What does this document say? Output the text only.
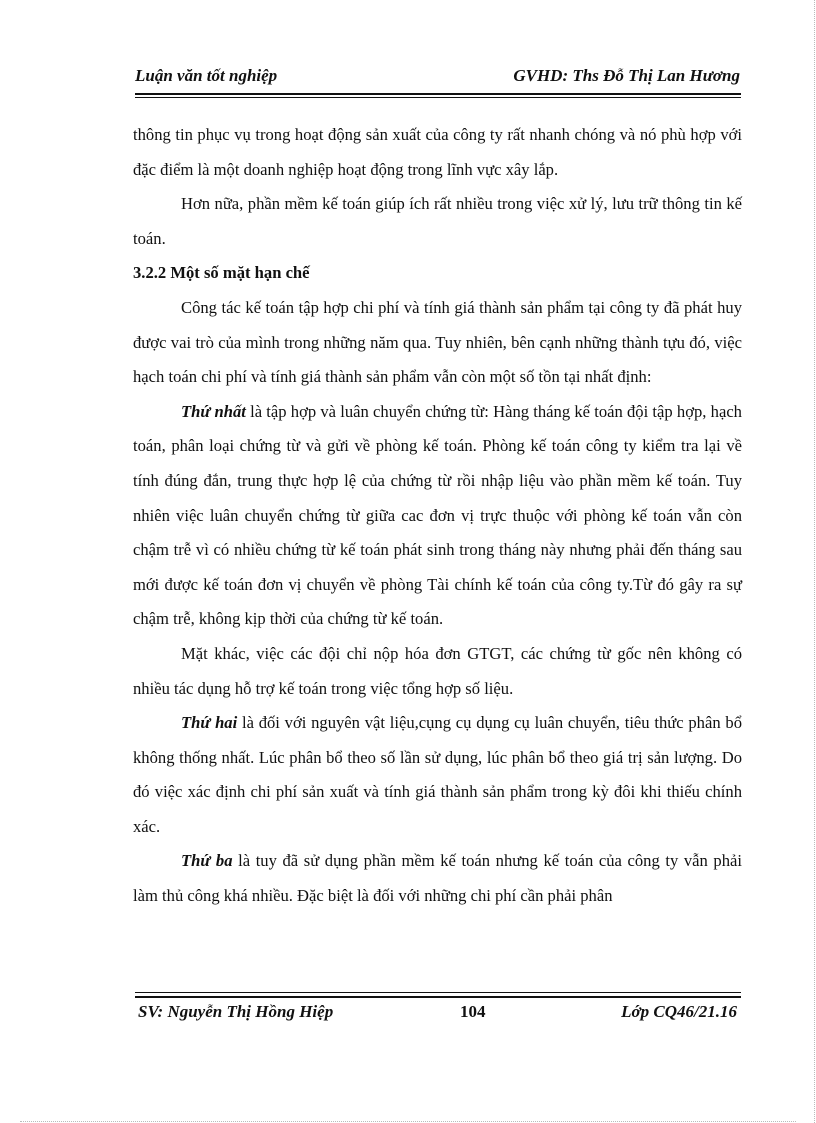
Luận văn tốt nghiệp	GVHD: Ths Đỗ Thị Lan Hương

thông tin phục vụ trong hoạt động sản xuất của công ty rất nhanh chóng và nó phù hợp với đặc điểm là một doanh nghiệp hoạt động trong lĩnh vực xây lắp.

Hơn nữa, phần mềm kế toán giúp ích rất nhiều trong việc xử lý, lưu trữ thông tin kế toán.

3.2.2 Một số mặt hạn chế

Công tác kế toán tập hợp chi phí và tính giá thành sản phẩm tại công ty đã phát huy được vai trò của mình trong những năm qua. Tuy nhiên, bên cạnh những thành tựu đó, việc hạch toán chi phí và tính giá thành sản phẩm vẫn còn một số tồn tại nhất định:

Thứ nhất là tập hợp và luân chuyển chứng từ: Hàng tháng kế toán đội tập hợp, hạch toán, phân loại chứng từ và gửi về phòng kế toán. Phòng kế toán công ty kiểm tra lại về tính đúng đắn, trung thực hợp lệ của chứng từ rồi nhập liệu vào phần mềm kế toán. Tuy nhiên việc luân chuyển chứng từ giữa cac đơn vị trực thuộc với phòng kế toán vẫn còn chậm trễ vì có nhiều chứng từ kế toán phát sinh trong tháng này nhưng phải đến tháng sau mới được kế toán đơn vị chuyển về phòng Tài chính kế toán của công ty.Từ đó gây ra sự chậm trễ, không kịp thời của chứng từ kế toán.

Mặt khác, việc các đội chỉ nộp hóa đơn GTGT, các chứng từ gốc nên không có nhiều tác dụng hỗ trợ kế toán trong việc tổng hợp số liệu.

Thứ hai là đối với nguyên vật liệu,cụng cụ dụng cụ luân chuyển, tiêu thức phân bổ không thống nhất. Lúc phân bổ theo số lần sử dụng, lúc phân bổ theo giá trị sản lượng. Do đó việc xác định chi phí sản xuất và tính giá thành sản phẩm trong kỳ đôi khi thiếu chính xác.

Thứ ba là tuy đã sử dụng phần mềm kế toán nhưng kế toán của công ty vẫn phải làm thủ công khá nhiều. Đặc biệt là đối với những chi phí cần phải phân

SV: Nguyễn Thị Hồng Hiệp	104	Lớp CQ46/21.16
